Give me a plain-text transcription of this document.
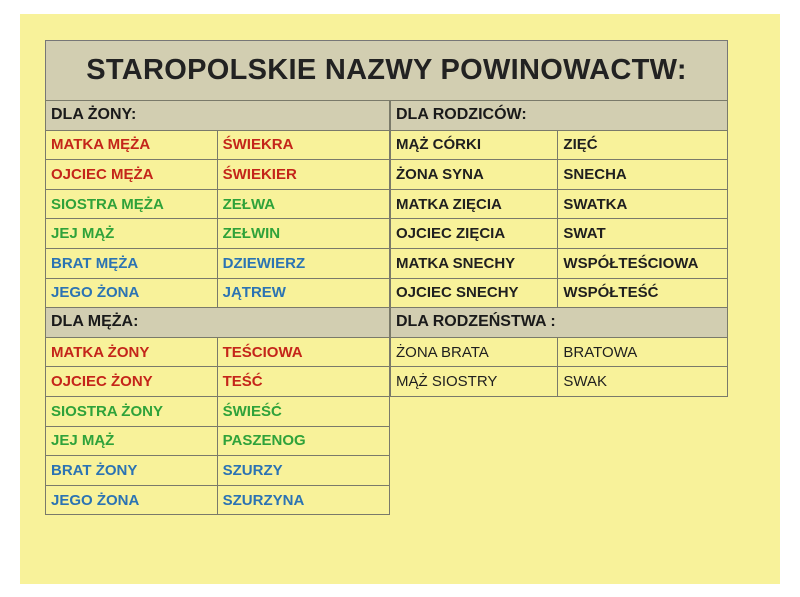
STAROPOLSKIE NAZWY POWINOWACTW:
DLA ŻONY:	
MATKA MĘŻA	ŚWIEKRA
OJCIEC MĘŻA	ŚWIEKIER
SIOSTRA MĘŻA	ZEŁWA
JEJ MĄŻ	ZEŁWIN
BRAT MĘŻA	DZIEWIERZ
JEGO ŻONA	JĄTREW
DLA MĘŻA:	
MATKA ŻONY	TEŚCIOWA
OJCIEC ŻONY	TEŚĆ
SIOSTRA ŻONY	ŚWIEŚĆ
JEJ MĄŻ	PASZENOG
BRAT ŻONY	SZURZY
JEGO ŻONA	SZURZYNA
DLA RODZICÓW:	
MĄŻ CÓRKI	ZIĘĆ
ŻONA SYNA	SNECHA
MATKA ZIĘCIA	SWATKA
OJCIEC ZIĘCIA	SWAT
MATKA SNECHY	WSPÓŁTEŚCIOWA
OJCIEC SNECHY	WSPÓŁTEŚĆ
DLA RODZEŃSTWA :	
ŻONA BRATA	BRATOWA
MĄŻ SIOSTRY	SWAK
